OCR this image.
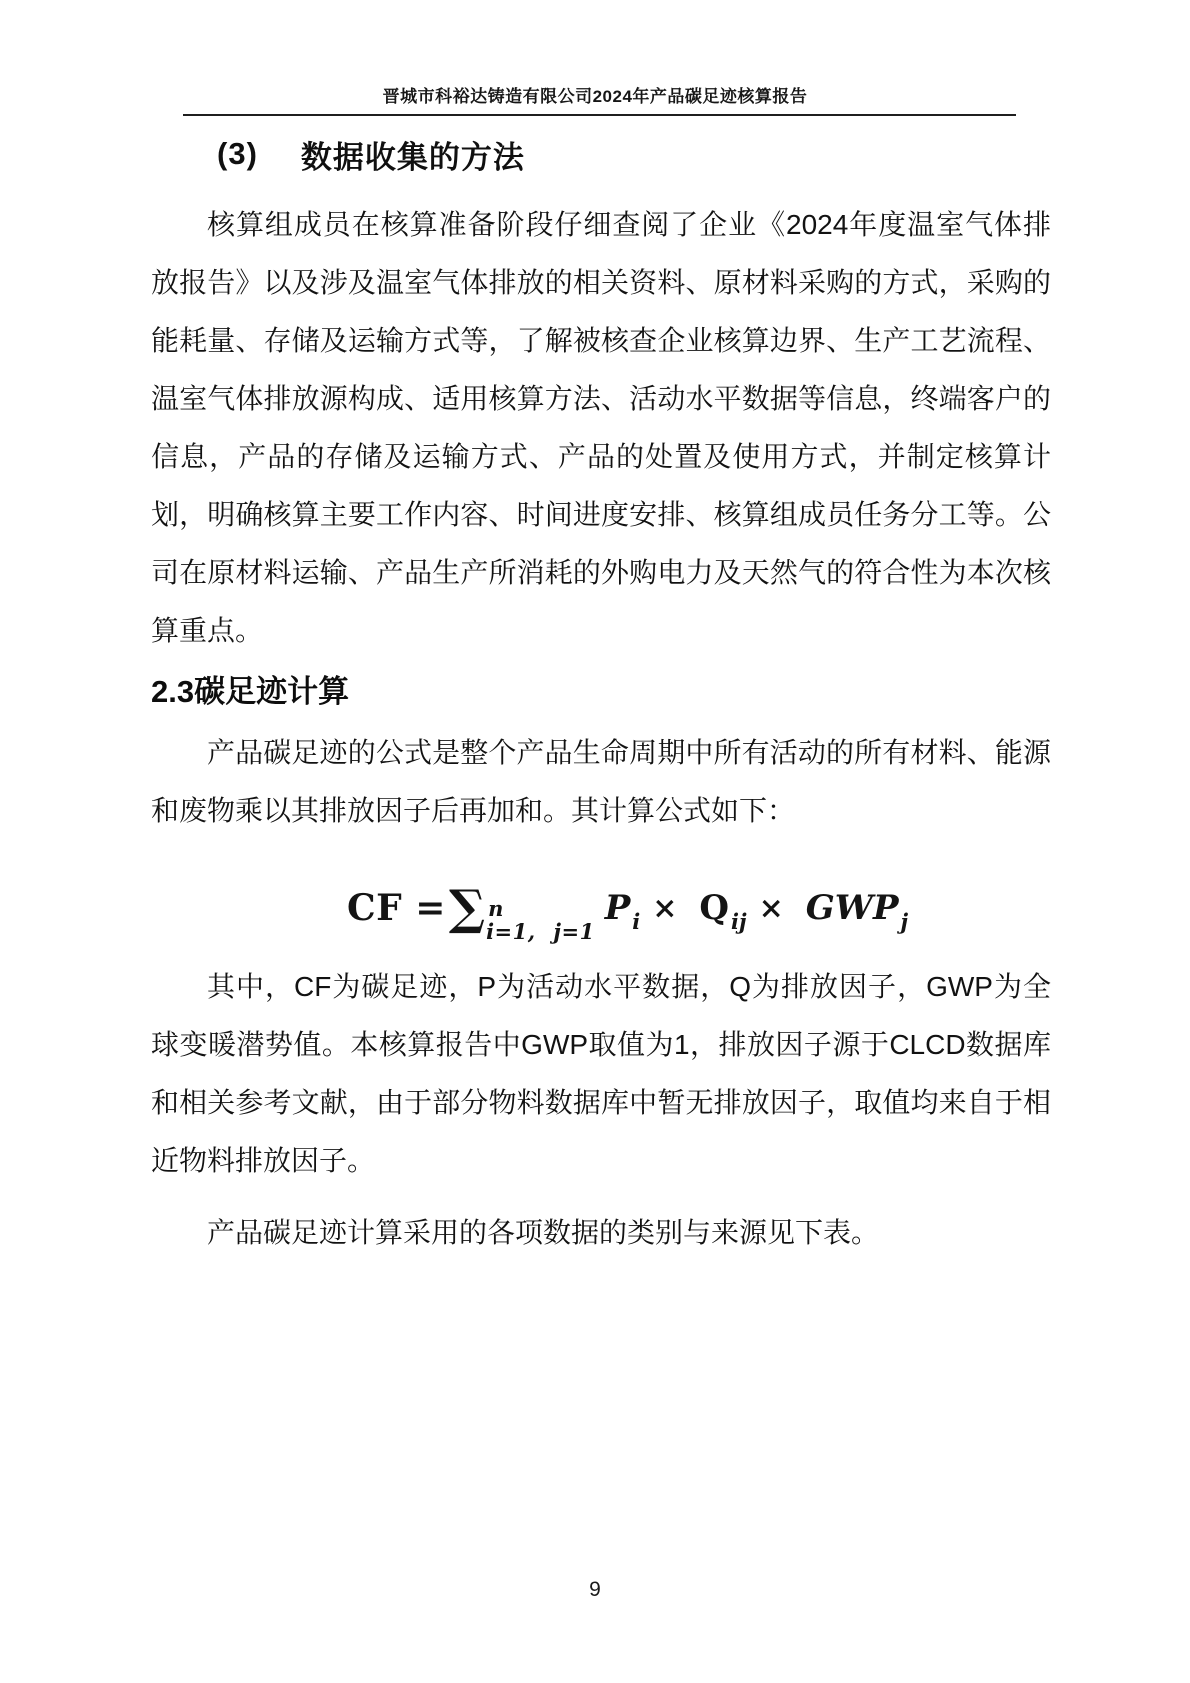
晋城市科裕达铸造有限公司2024年产品碳足迹核算报告
(3) 数据收集的方法

核算组成员在核算准备阶段仔细查阅了企业《2024年度温室气体排放报告》以及涉及温室气体排放的相关资料、原材料采购的方式，采购的能耗量、存储及运输方式等，了解被核查企业核算边界、生产工艺流程、温室气体排放源构成、适用核算方法、活动水平数据等信息，终端客户的信息，产品的存储及运输方式、产品的处置及使用方式，并制定核算计划，明确核算主要工作内容、时间进度安排、核算组成员任务分工等。公司在原材料运输、产品生产所消耗的外购电力及天然气的符合性为本次核算重点。

2.3碳足迹计算

产品碳足迹的公式是整个产品生命周期中所有活动的所有材料、能源和废物乘以其排放因子后再加和。其计算公式如下：

CF = ∑ n
i=1, j=1
P i × Q ij × GWP j

其中，CF为碳足迹，P为活动水平数据，Q为排放因子，GWP为全球变暖潜势值。本核算报告中GWP取值为1，排放因子源于CLCD数据库和相关参考文献，由于部分物料数据库中暂无排放因子，取值均来自于相近物料排放因子。

产品碳足迹计算采用的各项数据的类别与来源见下表。

9
